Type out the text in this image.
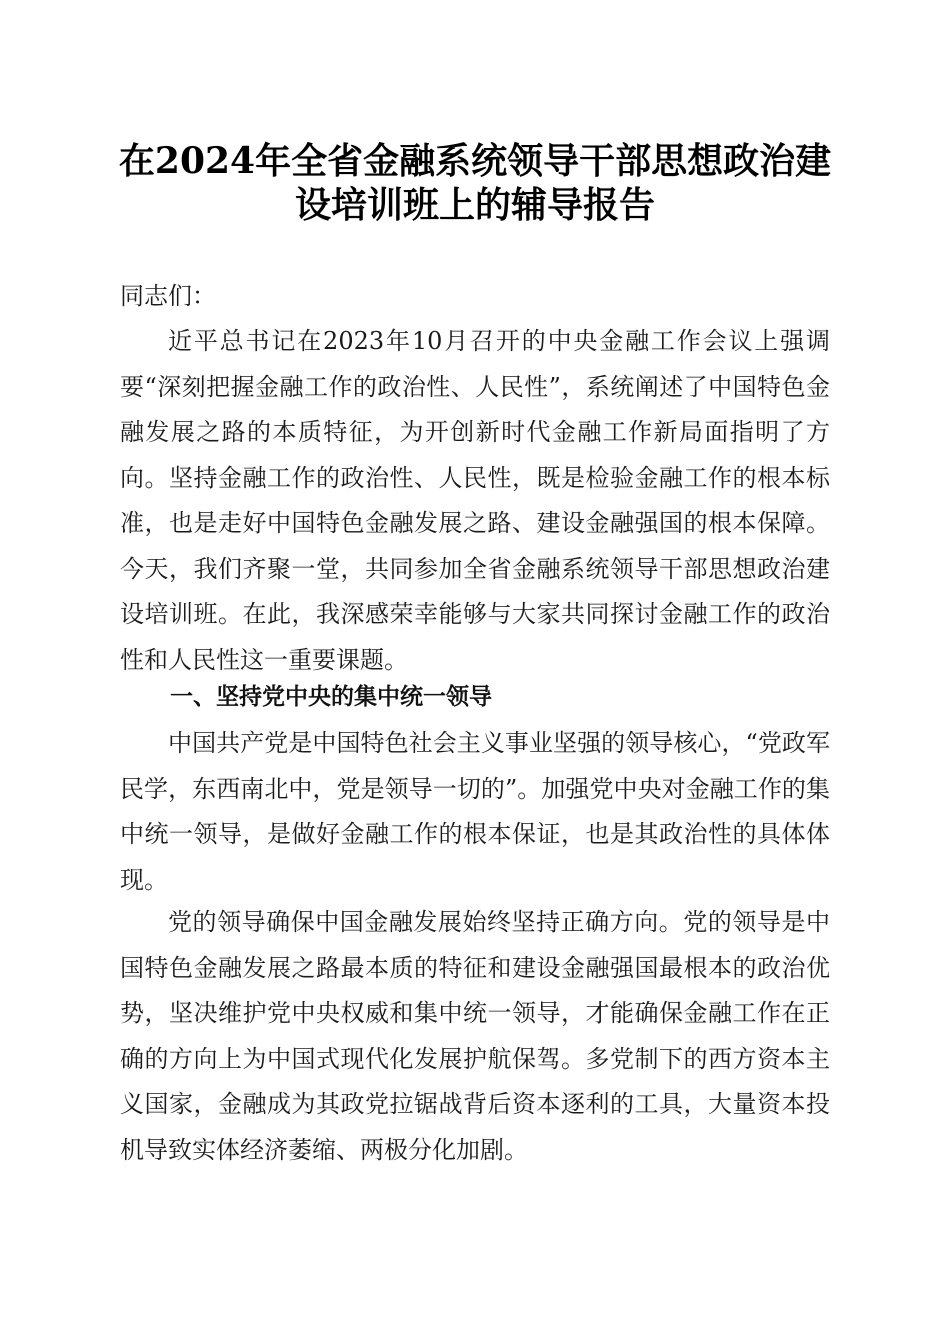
在2024年全省金融系统领导干部思想政治建
设培训班上的辅导报告
同志们：

近平总书记在2023年10月召开的中央金融工作会议上强调要“深刻把握金融工作的政治性、人民性”，系统阐述了中国特色金融发展之路的本质特征，为开创新时代金融工作新局面指明了方向。坚持金融工作的政治性、人民性，既是检验金融工作的根本标准，也是走好中国特色金融发展之路、建设金融强国的根本保障。今天，我们齐聚一堂，共同参加全省金融系统领导干部思想政治建设培训班。在此，我深感荣幸能够与大家共同探讨金融工作的政治性和人民性这一重要课题。

一、坚持党中央的集中统一领导

中国共产党是中国特色社会主义事业坚强的领导核心，“党政军民学，东西南北中，党是领导一切的”。加强党中央对金融工作的集中统一领导，是做好金融工作的根本保证，也是其政治性的具体体现。

党的领导确保中国金融发展始终坚持正确方向。党的领导是中国特色金融发展之路最本质的特征和建设金融强国最根本的政治优势，坚决维护党中央权威和集中统一领导，才能确保金融工作在正确的方向上为中国式现代化发展护航保驾。多党制下的西方资本主义国家，金融成为其政党拉锯战背后资本逐利的工具，大量资本投机导致实体经济萎缩、两极分化加剧。
